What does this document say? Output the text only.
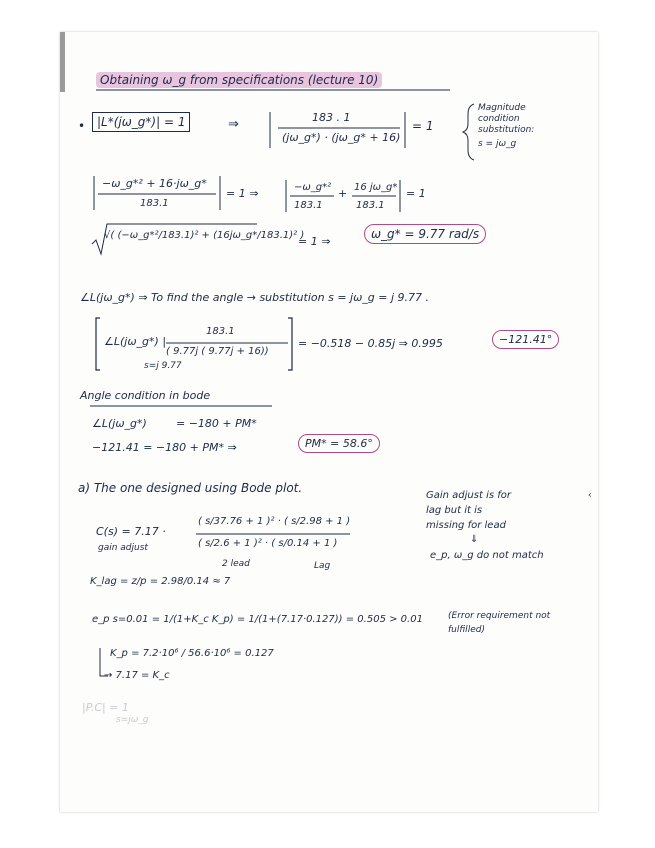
‹
Obtaining ω_g from specifications (lecture 10)
• |L*(jω_g*)| = 1	⇒	183 . 1
(jω_g*) · (jω_g* + 16)
= 1
Magnitude
condition
substitution:
s = jω_g
−ω_g*² + 16·jω_g*
183.1
= 1 ⇒	−ω_g*²
183.1
+ 16 jω_g*
183.1
= 1
√( (−ω_g*²/183.1)² + (16jω_g*/183.1)² )
= 1 ⇒
ω_g* = 9.77 rad/s
∠L(jω_g*) ⇒ To find the angle → substitution s = jω_g = j 9.77 .
∠L(jω_g*) |
183.1
( 9.77j ( 9.77j + 16))
s=j 9.77
= −0.518 − 0.85j ⇒ 0.995	−121.41°
Angle condition in bode
∠L(jω_g*)	= −180 + PM*
−121.41 = −180 + PM* ⇒	PM* = 58.6°
a) The one designed using Bode plot.
C(s) = 7.17 ·
gain adjust
( s/37.76 + 1 )² · ( s/2.98 + 1 )
( s/2.6 + 1 )² · ( s/0.14 + 1 )
2 lead	Lag
Gain adjust is for
lag but it is
missing for lead
⇓
e_p, ω_g do not match
K_lag = z/p = 2.98/0.14 ≈ 7
e_p s=0.01 = 1/(1+K_c K_p) = 1/(1+(7.17·0.127)) = 0.505 > 0.01	(Error requirement not
fulfilled)
K_p = 7.2·10⁶ / 56.6·10⁶ = 0.127
→ 7.17 = K_c
|P.C| = 1
s=jω_g
